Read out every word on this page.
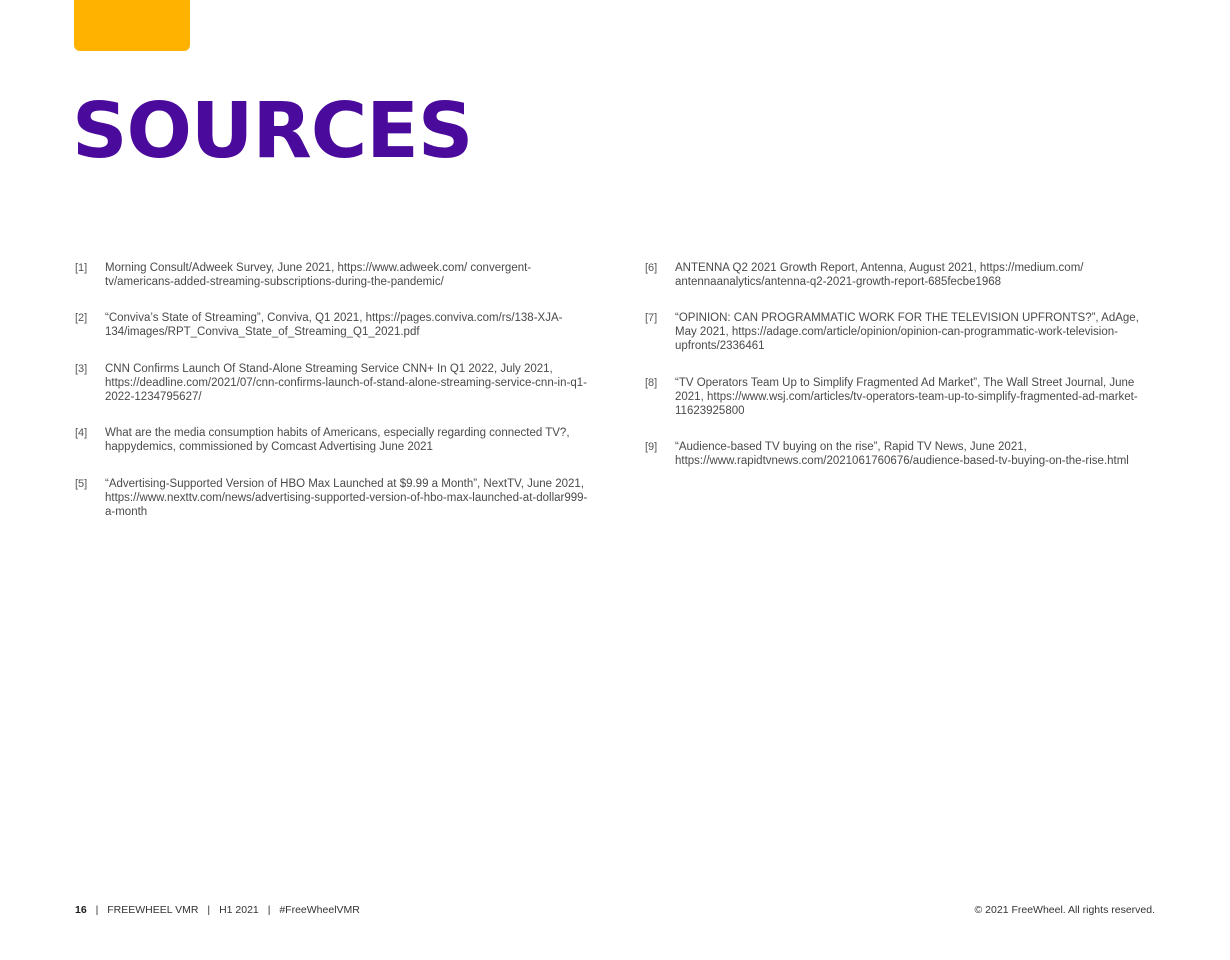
SOURCES
[1] Morning Consult/Adweek Survey, June 2021, https://www.adweek.com/ convergent-tv/americans-added-streaming-subscriptions-during-the-pandemic/
[2] “Conviva’s State of Streaming”, Conviva, Q1 2021, https://pages.conviva.com/rs/138-XJA-134/images/RPT_Conviva_State_of_Streaming_Q1_2021.pdf
[3] CNN Confirms Launch Of Stand-Alone Streaming Service CNN+ In Q1 2022, July 2021, https://deadline.com/2021/07/cnn-confirms-launch-of-stand-alone-streaming-service-cnn-in-q1-2022-1234795627/
[4] What are the media consumption habits of Americans, especially regarding connected TV?, happydemics, commissioned by Comcast Advertising June 2021
[5] “Advertising-Supported Version of HBO Max Launched at $9.99 a Month”, NextTV, June 2021, https://www.nexttv.com/news/advertising-supported-version-of-hbo-max-launched-at-dollar999-a-month
[6] ANTENNA Q2 2021 Growth Report, Antenna, August 2021, https://medium.com/ antennaanalytics/antenna-q2-2021-growth-report-685fecbe1968
[7] “OPINION: CAN PROGRAMMATIC WORK FOR THE TELEVISION UPFRONTS?”, AdAge, May 2021, https://adage.com/article/opinion/opinion-can-programmatic-work-television-upfronts/2336461
[8] “TV Operators Team Up to Simplify Fragmented Ad Market”, The Wall Street Journal, June 2021, https://www.wsj.com/articles/tv-operators-team-up-to-simplify-fragmented-ad-market-11623925800
[9] “Audience-based TV buying on the rise”, Rapid TV News, June 2021, https://www.rapidtvnews.com/2021061760676/audience-based-tv-buying-on-the-rise.html
16 | FREEWHEEL VMR | H1 2021 | #FreeWheelVMR	© 2021 FreeWheel. All rights reserved.
